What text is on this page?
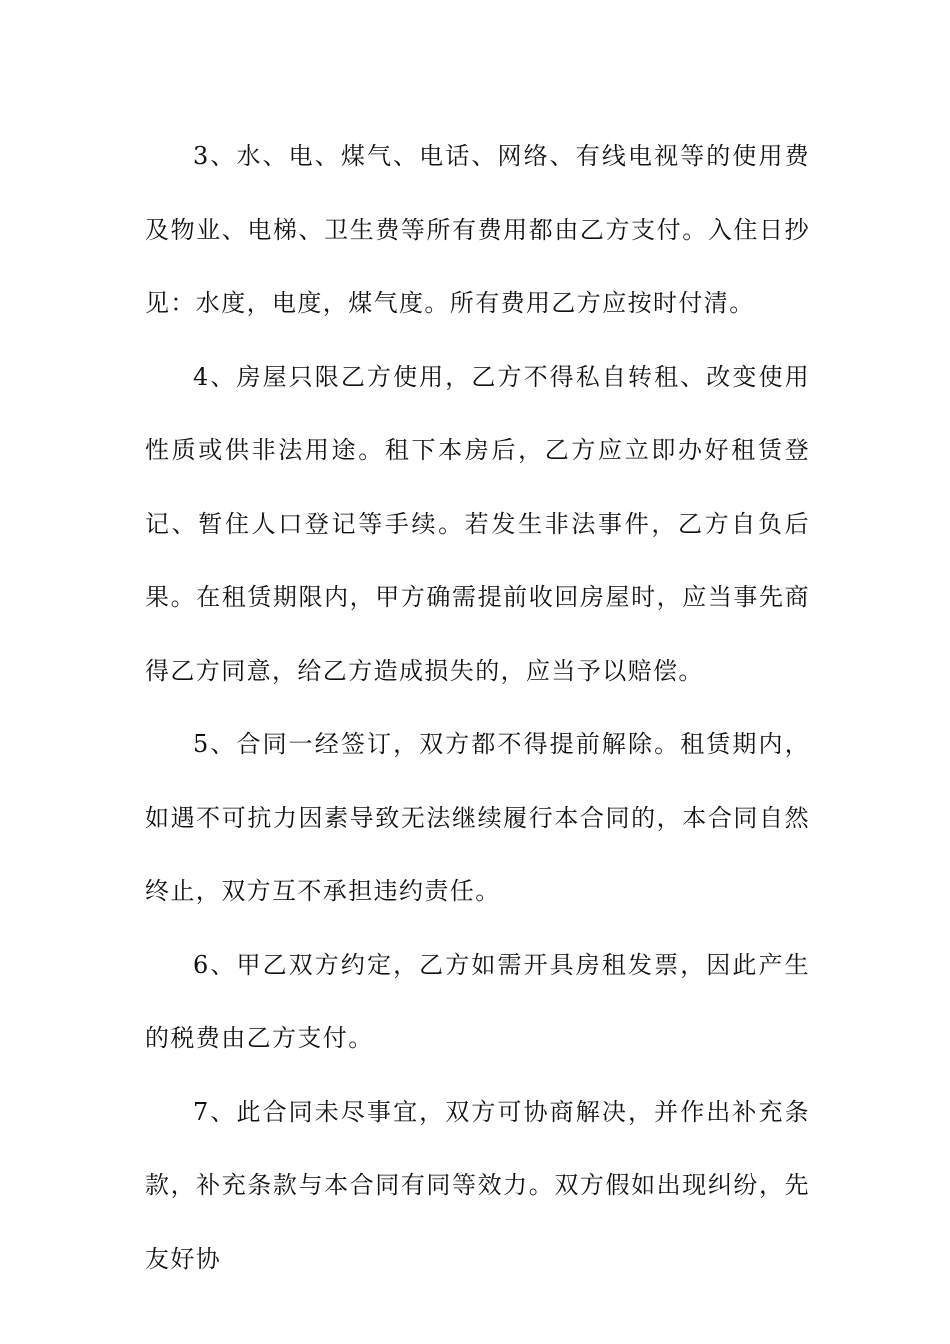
3、水、电、煤气、电话、网络、有线电视等的使用费及物业、电梯、卫生费等所有费用都由乙方支付。入住日抄见：水度，电度，煤气度。所有费用乙方应按时付清。

4、房屋只限乙方使用，乙方不得私自转租、改变使用性质或供非法用途。租下本房后，乙方应立即办好租赁登记、暂住人口登记等手续。若发生非法事件，乙方自负后果。在租赁期限内，甲方确需提前收回房屋时，应当事先商得乙方同意，给乙方造成损失的，应当予以赔偿。

5、合同一经签订，双方都不得提前解除。租赁期内，如遇不可抗力因素导致无法继续履行本合同的，本合同自然终止，双方互不承担违约责任。

6、甲乙双方约定，乙方如需开具房租发票，因此产生的税费由乙方支付。

7、此合同未尽事宜，双方可协商解决，并作出补充条款，补充条款与本合同有同等效力。双方假如出现纠纷，先友好协
